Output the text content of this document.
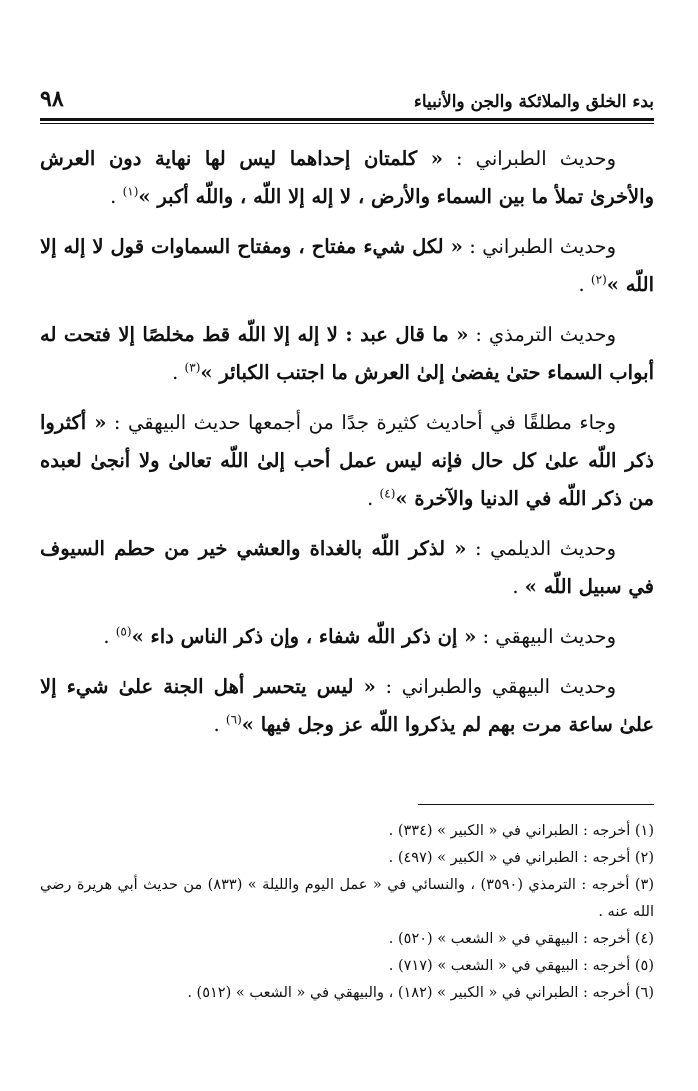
بدء الخلق والملائكة والجن والأنبياء
٩٨

وحديث الطبراني : « كلمتان إحداهما ليس لها نهاية دون العرش والأخرىٰ تملأ ما بين السماء والأرض ، لا إله إلا اللّه ، واللّه أكبر »$^{(١)}$ .

وحديث الطبراني : « لكل شيء مفتاح ، ومفتاح السماوات قول لا إله إلا اللّه »$^{(٢)}$ .

وحديث الترمذي : « ما قال عبد : لا إله إلا اللّه قط مخلصًا إلا فتحت له أبواب السماء حتىٰ يفضىٰ إلىٰ العرش ما اجتنب الكبائر »$^{(٣)}$ .

وجاء مطلقًا في أحاديث كثيرة جدًا من أجمعها حديث البيهقي : « أكثروا ذكر اللّه علىٰ كل حال فإنه ليس عمل أحب إلىٰ اللّه تعالىٰ ولا أنجىٰ لعبده من ذكر اللّه في الدنيا والآخرة »$^{(٤)}$ .

وحديث الديلمي : « لذكر اللّه بالغداة والعشي خير من حطم السيوف في سبيل اللّه » .

وحديث البيهقي : « إن ذكر اللّه شفاء ، وإن ذكر الناس داء »$^{(٥)}$ .

وحديث البيهقي والطبراني : « ليس يتحسر أهل الجنة علىٰ شيء إلا علىٰ ساعة مرت بهم لم يذكروا اللّه عز وجل فيها »$^{(٦)}$ .

(١) أخرجه : الطبراني في « الكبير » (٣٣٤) .

(٢) أخرجه : الطبراني في « الكبير » (٤٩٧) .

(٣) أخرجه : الترمذي (٣٥٩٠) ، والنسائي في « عمل اليوم والليلة » (٨٣٣) من حديث أبي هريرة رضي الله عنه .

(٤) أخرجه : البيهقي في « الشعب » (٥٢٠) .

(٥) أخرجه : البيهقي في « الشعب » (٧١٧) .

(٦) أخرجه : الطبراني في « الكبير » (١٨٢) ، والبيهقي في « الشعب » (٥١٢) .
